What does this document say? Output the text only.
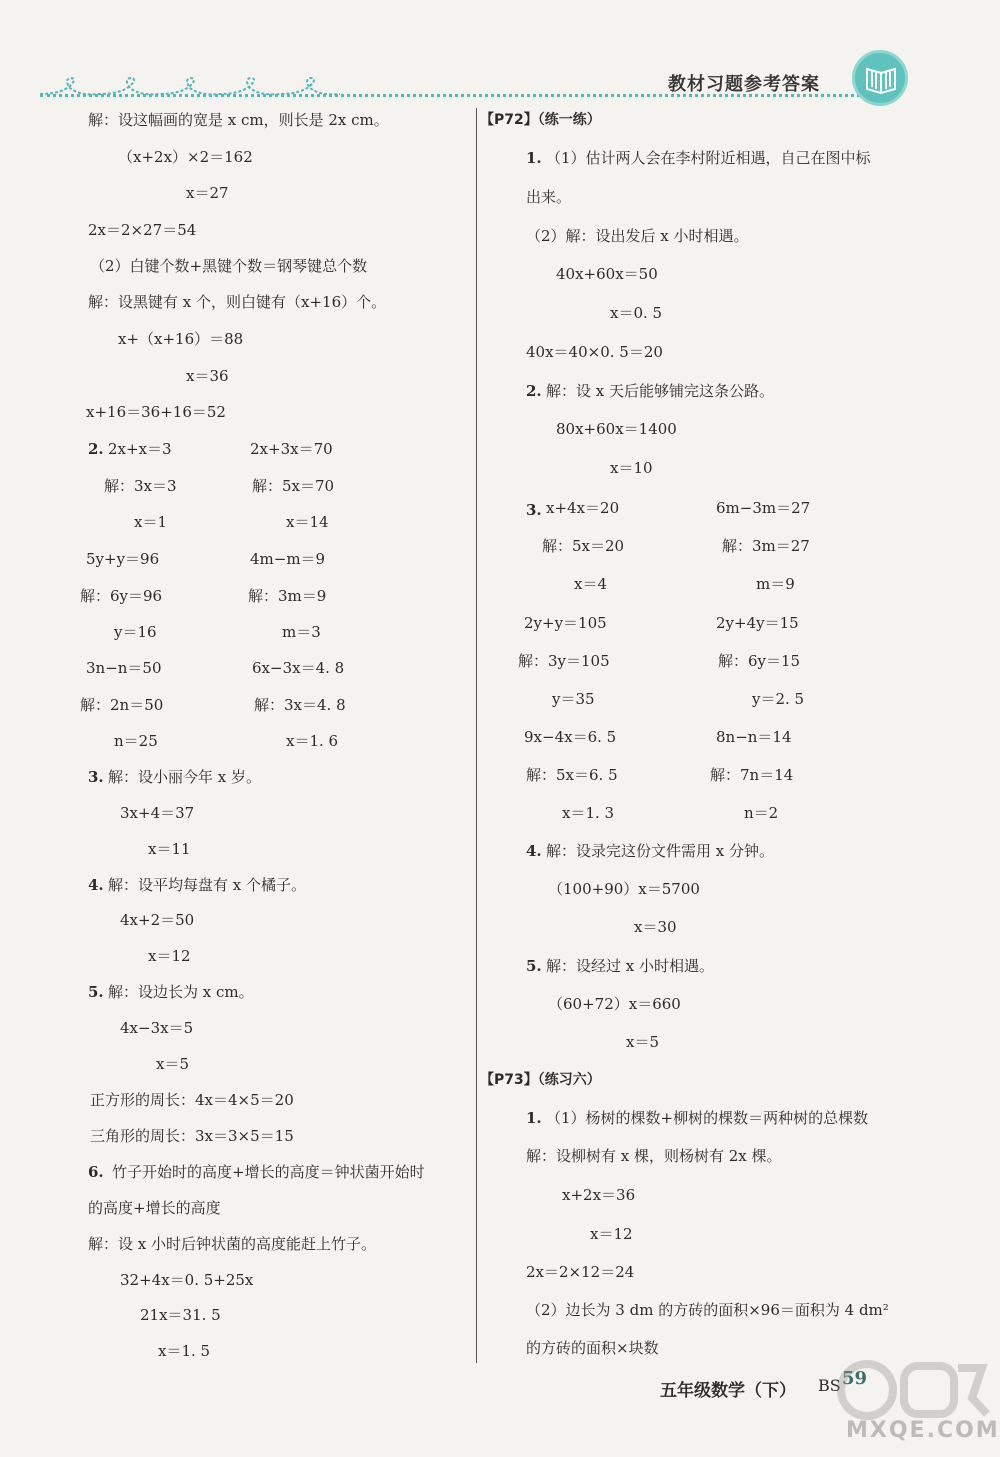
教材习题参考答案
解：设这幅画的宽是 x cm，则长是 2x cm。
（x+2x）×2＝162
x＝27
2x＝2×27＝54
（2）白键个数+黑键个数＝钢琴键总个数
解：设黑键有 x 个，则白键有（x+16）个。
x+（x+16）＝88
x＝36
x+16＝36+16＝52
2. 2x+x＝3	2x+3x＝70
解：3x＝3	解：5x＝70
x＝1	x＝14
5y+y＝96	4m−m＝9
解：6y＝96	解：3m＝9
y＝16	m＝3
3n−n＝50	6x−3x＝4. 8
解：2n＝50	解：3x＝4. 8
n＝25	x＝1. 6
3. 解：设小丽今年 x 岁。
3x+4＝37
x＝11
4. 解：设平均每盘有 x 个橘子。
4x+2＝50
x＝12
5. 解：设边长为 x cm。
4x−3x＝5
x＝5
正方形的周长：4x＝4×5＝20
三角形的周长：3x＝3×5＝15
6. 竹子开始时的高度+增长的高度＝钟状菌开始时
的高度+增长的高度
解：设 x 小时后钟状菌的高度能赶上竹子。
32+4x＝0. 5+25x
21x＝31. 5
x＝1. 5
【P72】（练一练）
1. （1）估计两人会在李村附近相遇，自己在图中标
出来。
（2）解：设出发后 x 小时相遇。
40x+60x＝50
x＝0. 5
40x＝40×0. 5＝20
2. 解：设 x 天后能够铺完这条公路。
80x+60x＝1400
x＝10
3. x+4x＝20	6m−3m＝27
解：5x＝20	解：3m＝27
x＝4	m＝9
2y+y＝105	2y+4y＝15
解：3y＝105	解：6y＝15
y＝35	y＝2. 5
9x−4x＝6. 5	8n−n＝14
解：5x＝6. 5	解：7n＝14
x＝1. 3	n＝2
4. 解：设录完这份文件需用 x 分钟。
（100+90）x＝5700
x＝30
5. 解：设经过 x 小时相遇。
（60+72）x＝660
x＝5
【P73】（练习六）
1. （1）杨树的棵数+柳树的棵数＝两种树的总棵数
解：设柳树有 x 棵，则杨树有 2x 棵。
x+2x＝36
x＝12
2x＝2×12＝24
（2）边长为 3 dm 的方砖的面积×96＝面积为 4 dm²
的方砖的面积×块数
五年级数学（下） BS 59
MXQE.COM
